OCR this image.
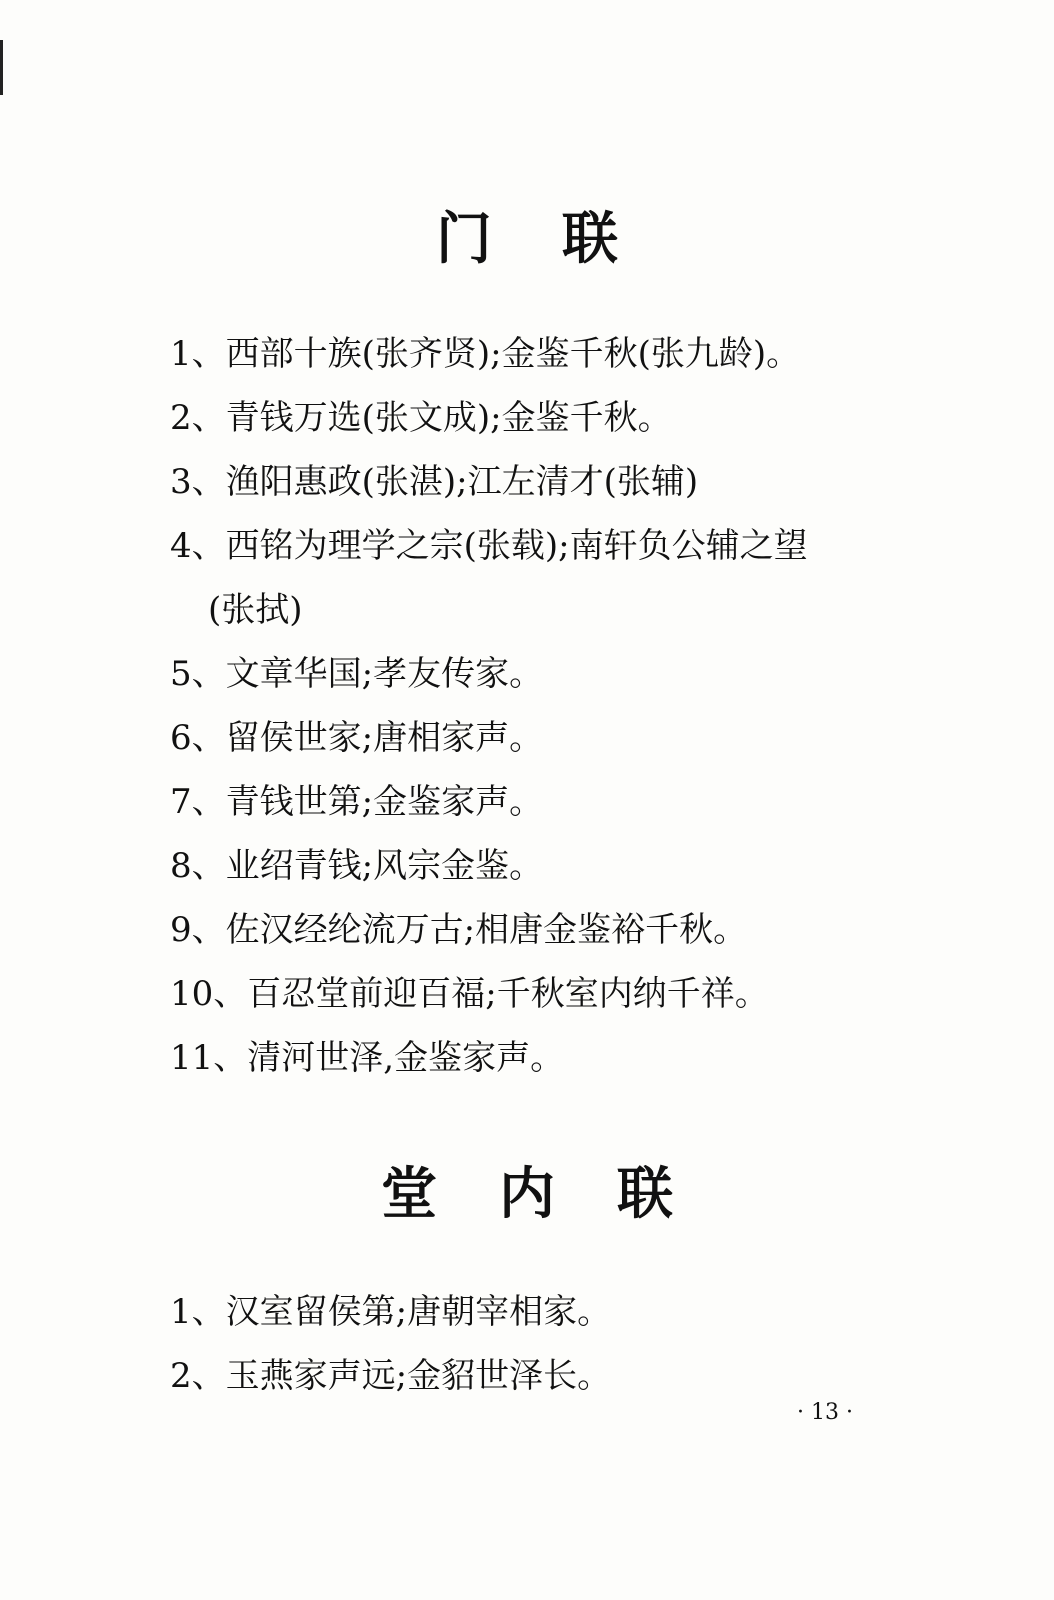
门 联
1、西部十族(张齐贤);金鉴千秋(张九龄)。
2、青钱万选(张文成);金鉴千秋。
3、渔阳惠政(张湛);江左清才(张辅)
4、西铭为理学之宗(张载);南轩负公辅之望
(张拭)
5、文章华国;孝友传家。
6、留侯世家;唐相家声。
7、青钱世第;金鉴家声。
8、业绍青钱;风宗金鉴。
9、佐汉经纶流万古;相唐金鉴裕千秋。
10、百忍堂前迎百福;千秋室内纳千祥。
11、清河世泽,金鉴家声。
堂 内 联
1、汉室留侯第;唐朝宰相家。
2、玉燕家声远;金貂世泽长。
· 13 ·
